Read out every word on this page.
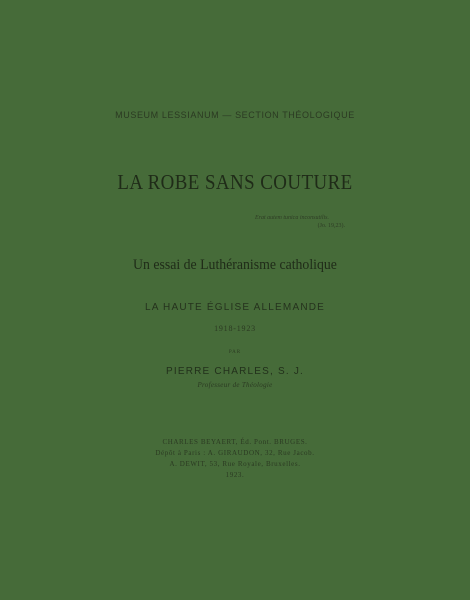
MUSEUM LESSIANUM — SECTION THÉOLOGIQUE

LA ROBE SANS COUTURE

Erat autem tunica inconsutilis.
(Jo. 19,23).

Un essai de Luthéranisme catholique

LA HAUTE ÉGLISE ALLEMANDE

1918-1923

PAR

PIERRE CHARLES, S. J.

Professeur de Théologie

CHARLES BEYAERT, Éd. Pont. BRUGES.

Dépôt à Paris : A. GIRAUDON, 32, Rue Jacob.

A. DEWIT, 53, Rue Royale, Bruxelles.

1923.
